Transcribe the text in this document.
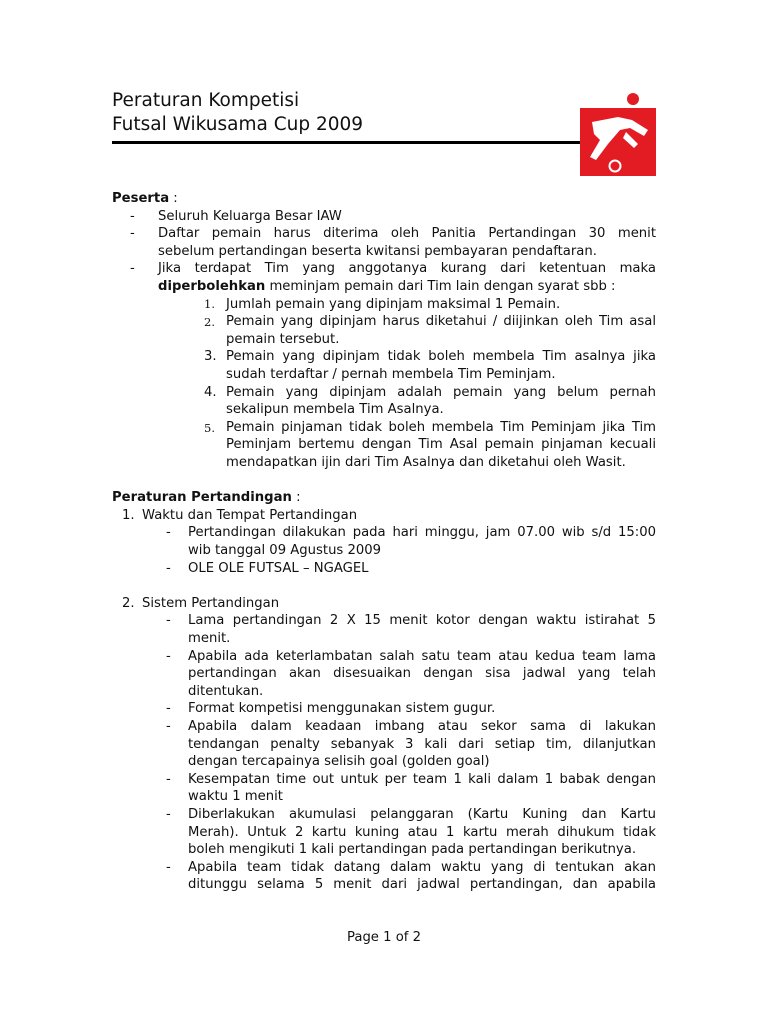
Peraturan Kompetisi
Futsal Wikusama Cup 2009
Peserta :
- Seluruh Keluarga Besar IAW
- Daftar pemain harus diterima oleh Panitia Pertandingan 30 menit
sebelum pertandingan beserta kwitansi pembayaran pendaftaran.
- Jika terdapat Tim yang anggotanya kurang dari ketentuan maka
diperbolehkan meminjam pemain dari Tim lain dengan syarat sbb :
1. Jumlah pemain yang dipinjam maksimal 1 Pemain.
2. Pemain yang dipinjam harus diketahui / diijinkan oleh Tim asal
pemain tersebut.
3. Pemain yang dipinjam tidak boleh membela Tim asalnya jika
sudah terdaftar / pernah membela Tim Peminjam.
4. Pemain yang dipinjam adalah pemain yang belum pernah
sekalipun membela Tim Asalnya.
5. Pemain pinjaman tidak boleh membela Tim Peminjam jika Tim
Peminjam bertemu dengan Tim Asal pemain pinjaman kecuali
mendapatkan ijin dari Tim Asalnya dan diketahui oleh Wasit.
Peraturan Pertandingan :
1. Waktu dan Tempat Pertandingan
- Pertandingan dilakukan pada hari minggu, jam 07.00 wib s/d 15:00
wib tanggal 09 Agustus 2009
- OLE OLE FUTSAL – NGAGEL
2. Sistem Pertandingan
- Lama pertandingan 2 X 15 menit kotor dengan waktu istirahat 5
menit.
- Apabila ada keterlambatan salah satu team atau kedua team lama
pertandingan akan disesuaikan dengan sisa jadwal yang telah
ditentukan.
- Format kompetisi menggunakan sistem gugur.
- Apabila dalam keadaan imbang atau sekor sama di lakukan
tendangan penalty sebanyak 3 kali dari setiap tim, dilanjutkan
dengan tercapainya selisih goal (golden goal)
- Kesempatan time out untuk per team 1 kali dalam 1 babak dengan
waktu 1 menit
- Diberlakukan akumulasi pelanggaran (Kartu Kuning dan Kartu
Merah). Untuk 2 kartu kuning atau 1 kartu merah dihukum tidak
boleh mengikuti 1 kali pertandingan pada pertandingan berikutnya.
- Apabila team tidak datang dalam waktu yang di tentukan akan
ditunggu selama 5 menit dari jadwal pertandingan, dan apabila
Page 1 of 2
